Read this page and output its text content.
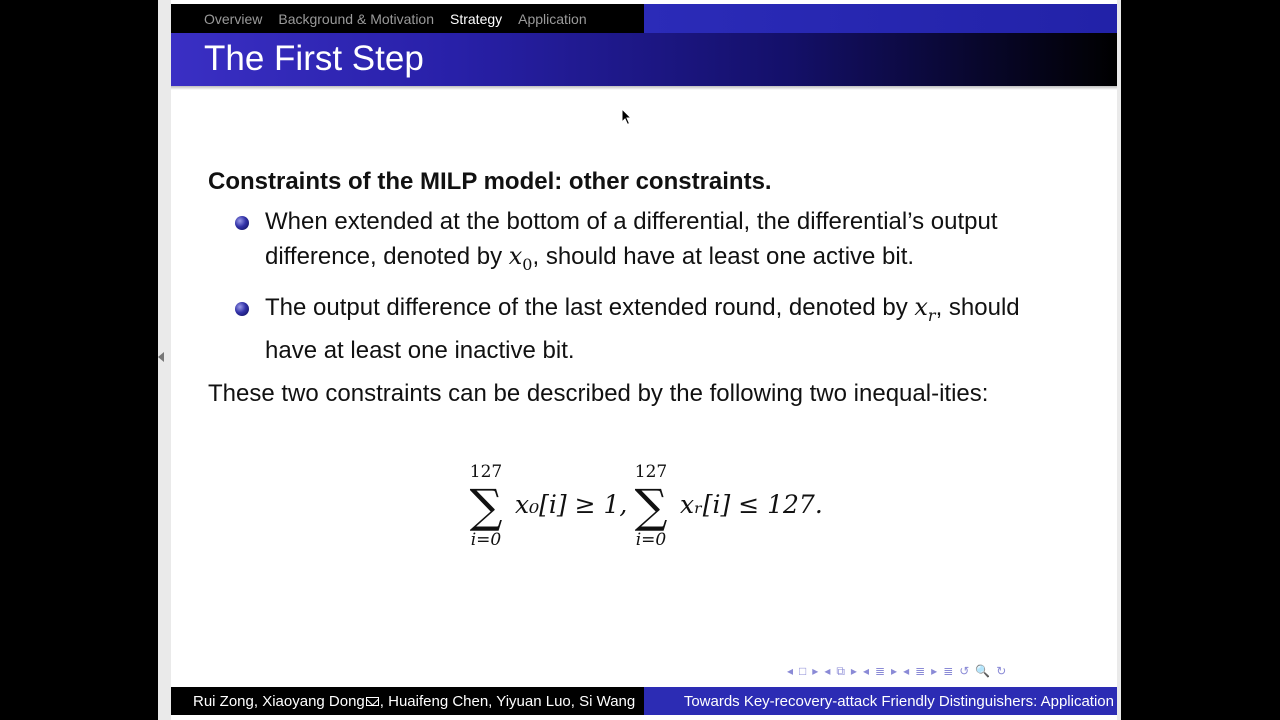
Overview Background & Motivation Strategy Application
The First Step
Constraints of the MILP model: other constraints.
When extended at the bottom of a differential, the differential’s output difference, denoted by $x_0$, should have at least one active bit.
The output difference of the last extended round, denoted by $x_r$, should have at least one inactive bit.
These two constraints can be described by the following two inequal-ities:
127
∑
i=0
x₀[i] ≥ 1,
127
∑
i=0
xᵣ[i] ≤ 127.
◂ □ ▸ ◂ ⧉ ▸ ◂ ≣ ▸ ◂ ≣ ▸ ≣ ↺ 🔍 ↻
Rui Zong, Xiaoyang Dong , Huaifeng Chen, Yiyuan Luo, Si Wang	Towards Key-recovery-attack Friendly Distinguishers: Application
